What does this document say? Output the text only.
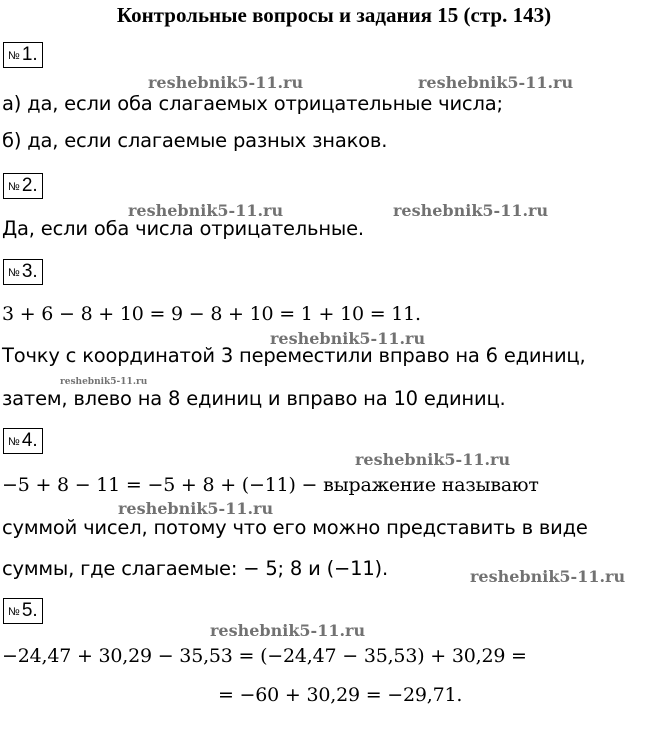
Контрольные вопросы и задания 15 (стр. 143)
№ 1.
а) да, если оба слагаемых отрицательные числа;
б) да, если слагаемые разных знаков.
№ 2.
Да, если оба числа отрицательные.
№ 3.
3 + 6 − 8 + 10 = 9 − 8 + 10 = 1 + 10 = 11.
Точку с координатой 3 переместили вправо на 6 единиц,
затем, влево на 8 единиц и вправо на 10 единиц.
№ 4.
−5 + 8 − 11 = −5 + 8 + (−11) − выражение называют
суммой чисел, потому что его можно представить в виде
суммы, где слагаемые: − 5; 8 и (−11).
№ 5.
−24,47 + 30,29 − 35,53 = (−24,47 − 35,53) + 30,29 =
= −60 + 30,29 = −29,71.
reshebnik5-11.ru	reshebnik5-11.ru
reshebnik5-11.ru	reshebnik5-11.ru
reshebnik5-11.ru
reshebnik5-11.ru
reshebnik5-11.ru
reshebnik5-11.ru
reshebnik5-11.ru
reshebnik5-11.ru
